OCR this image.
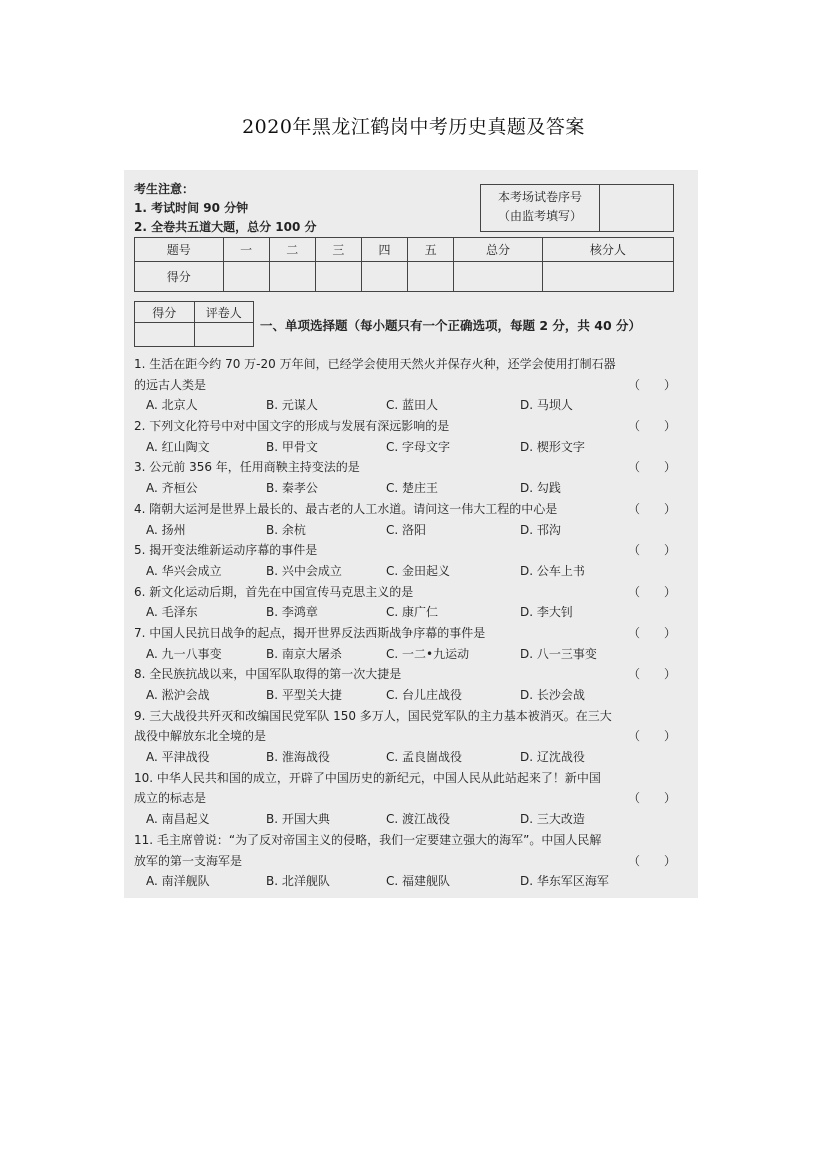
2020年黑龙江鹤岗中考历史真题及答案
考生注意：
1. 考试时间 90 分钟
2. 全卷共五道大题，总分 100 分
本考场试卷序号
（由监考填写）
题号	一	二	三	四	五	总分	核分人
得分							
得分	评卷人

一、单项选择题（每小题只有一个正确选项，每题 2 分，共 40 分）
1. 生活在距今约 70 万-20 万年间，已经学会使用天然火并保存火种，还学会使用打制石器
的远古人类是	（　　）
A. 北京人	B. 元谋人	C. 蓝田人	D. 马坝人
2. 下列文化符号中对中国文字的形成与发展有深远影响的是	（　　）
A. 红山陶文	B. 甲骨文	C. 字母文字	D. 楔形文字
3. 公元前 356 年，任用商鞅主持变法的是	（　　）
A. 齐桓公	B. 秦孝公	C. 楚庄王	D. 勾践
4. 隋朝大运河是世界上最长的、最古老的人工水道。请问这一伟大工程的中心是	（　　）
A. 扬州	B. 余杭	C. 洛阳	D. 邗沟
5. 揭开变法维新运动序幕的事件是	（　　）
A. 华兴会成立	B. 兴中会成立	C. 金田起义	D. 公车上书
6. 新文化运动后期，首先在中国宣传马克思主义的是	（　　）
A. 毛泽东	B. 李鸿章	C. 康广仁	D. 李大钊
7. 中国人民抗日战争的起点，揭开世界反法西斯战争序幕的事件是	（　　）
A. 九一八事变	B. 南京大屠杀	C. 一二•九运动	D. 八一三事变
8. 全民族抗战以来，中国军队取得的第一次大捷是	（　　）
A. 淞沪会战	B. 平型关大捷	C. 台儿庄战役	D. 长沙会战
9. 三大战役共歼灭和改编国民党军队 150 多万人，国民党军队的主力基本被消灭。在三大
战役中解放东北全境的是	（　　）
A. 平津战役	B. 淮海战役	C. 孟良崮战役	D. 辽沈战役
10. 中华人民共和国的成立，开辟了中国历史的新纪元，中国人民从此站起来了！新中国
成立的标志是	（　　）
A. 南昌起义	B. 开国大典	C. 渡江战役	D. 三大改造
11. 毛主席曾说：“为了反对帝国主义的侵略，我们一定要建立强大的海军”。中国人民解
放军的第一支海军是	（　　）
A. 南洋舰队	B. 北洋舰队	C. 福建舰队	D. 华东军区海军
